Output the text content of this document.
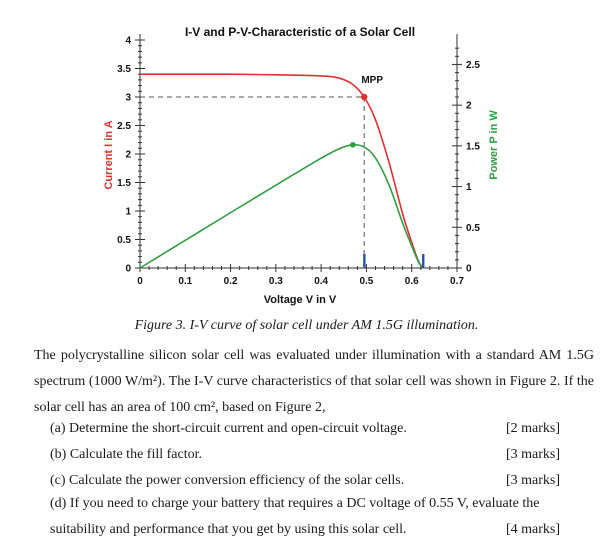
I-V and P-V-Characteristic of a Solar Cell
Voltage V in V
Current I in A	Power P in W
0	0.1	0.2	0.3	0.4	0.5	0.6	0.7
0
0.5
1
1.5
2
2.5
3
3.5
4
0
0.5
1
1.5
2
2.5
MPP
Figure 3. I-V curve of solar cell under AM 1.5G illumination.
The polycrystalline silicon solar cell was evaluated under illumination with a standard AM 1.5G spectrum (1000 W/m²). The I-V curve characteristics of that solar cell was shown in Figure 2. If the solar cell has an area of 100 cm², based on Figure 2,
(a) Determine the short-circuit current and open-circuit voltage.	[2 marks]
(b) Calculate the fill factor.	[3 marks]
(c) Calculate the power conversion efficiency of the solar cells.	[3 marks]
(d) If you need to charge your battery that requires a DC voltage of 0.55 V, evaluate the suitability and performance that you get by using this solar cell.	[4 marks]
